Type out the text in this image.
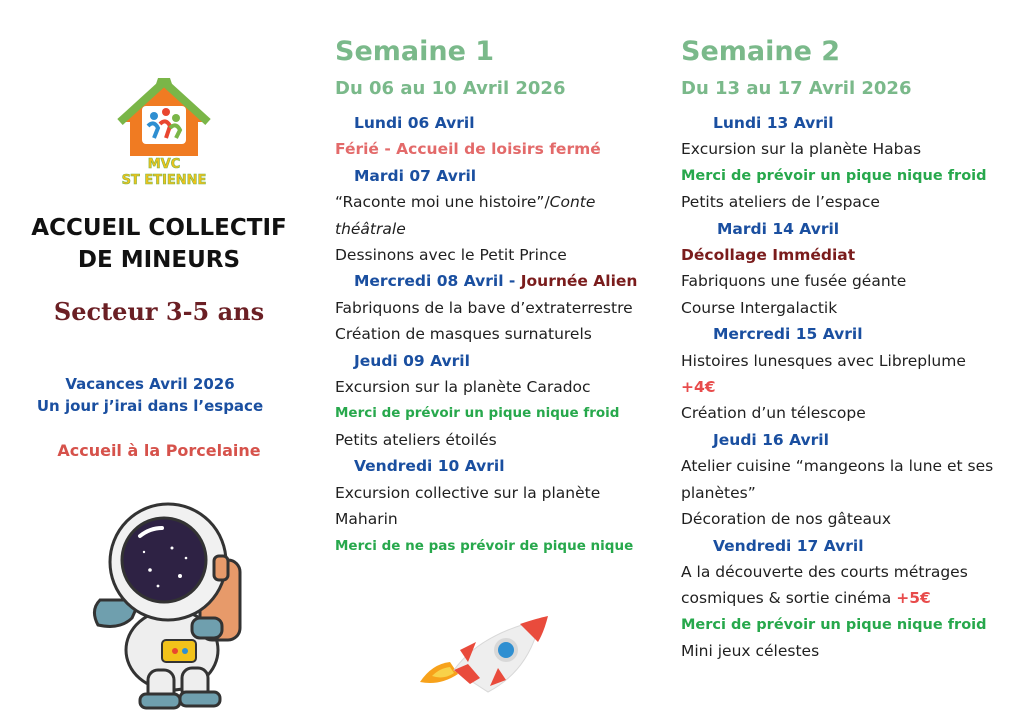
MVC
ST ETIENNE
ACCUEIL COLLECTIF
DE MINEURS
Secteur 3-5 ans
Vacances Avril 2026
Un jour j’irai dans l’espace
Accueil à la Porcelaine
Semaine 1
Du 06 au 10 Avril 2026
Lundi 06 Avril
Férié - Accueil de loisirs fermé
Mardi 07 Avril
“Raconte moi une histoire”/Conte théâtrale
Dessinons avec le Petit Prince
Mercredi 08 Avril - Journée Alien
Fabriquons de la bave d’extraterrestre
Création de masques surnaturels
Jeudi 09 Avril
Excursion sur la planète Caradoc
Merci de prévoir un pique nique froid
Petits ateliers étoilés
Vendredi 10 Avril
Excursion collective sur la planète Maharin
Merci de ne pas prévoir de pique nique
Semaine 2
Du 13 au 17 Avril 2026
Lundi 13 Avril
Excursion sur la planète Habas
Merci de prévoir un pique nique froid
Petits ateliers de l’espace
Mardi 14 Avril
Décollage Immédiat
Fabriquons une fusée géante
Course Intergalactik
Mercredi 15 Avril
Histoires lunesques avec Libreplume
+4€
Création d’un télescope
Jeudi 16 Avril
Atelier cuisine “mangeons la lune et ses planètes”
Décoration de nos gâteaux
Vendredi 17 Avril
A la découverte des courts métrages cosmiques & sortie cinéma +5€
Merci de prévoir un pique nique froid
Mini jeux célestes
